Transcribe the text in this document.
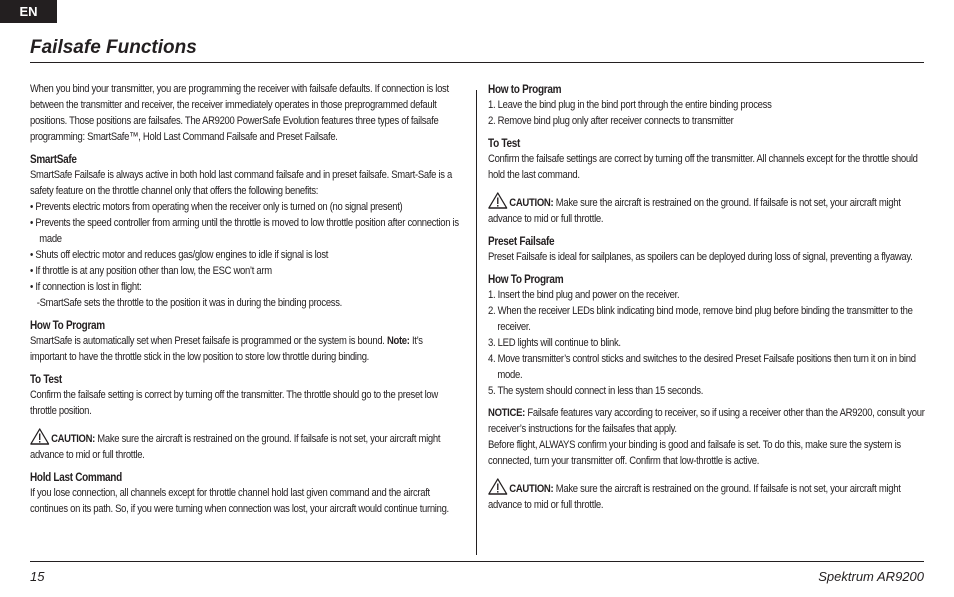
EN
Failsafe Functions

When you bind your transmitter, you are programming the receiver with failsafe defaults. If connection is lost between the transmitter and receiver, the receiver immediately operates in those preprogrammed default positions. Those positions are failsafes. The AR9200 PowerSafe Evolution features three types of failsafe programming: SmartSafe™, Hold Last Command Failsafe and Preset Failsafe.

SmartSafe

SmartSafe Failsafe is always active in both hold last command failsafe and in preset failsafe. Smart-Safe is a safety feature on the throttle channel only that offers the following benefits:

• Prevents electric motors from operating when the receiver only is turned on (no signal present)
• Prevents the speed controller from arming until the throttle is moved to low throttle position after connection is made
• Shuts off electric motor and reduces gas/glow engines to idle if signal is lost
• If throttle is at any position other than low, the ESC won’t arm
• If connection is lost in flight:
-SmartSafe sets the throttle to the position it was in during the binding process.
How To Program

SmartSafe is automatically set when Preset failsafe is programmed or the system is bound. Note: It’s important to have the throttle stick in the low position to store low throttle during binding.

To Test

Confirm the failsafe setting is correct by turning off the transmitter. The throttle should go to the preset low throttle position.

CAUTION: Make sure the aircraft is restrained on the ground. If failsafe is not set, your aircraft might advance to mid or full throttle.

Hold Last Command

If you lose connection, all channels except for throttle channel hold last given command and the aircraft continues on its path. So, if you were turning when connection was lost, your aircraft would continue turning.

How to Program
1. Leave the bind plug in the bind port through the entire binding process
2. Remove bind plug only after receiver connects to transmitter
To Test

Confirm the failsafe settings are correct by turning off the transmitter. All channels except for the throttle should hold the last command.

CAUTION: Make sure the aircraft is restrained on the ground. If failsafe is not set, your aircraft might advance to mid or full throttle.

Preset Failsafe

Preset Failsafe is ideal for sailplanes, as spoilers can be deployed during loss of signal, preventing a flyaway.

How To Program
1. Insert the bind plug and power on the receiver.
2. When the receiver LEDs blink indicating bind mode, remove bind plug before binding the transmitter to the receiver.
3. LED lights will continue to blink.
4. Move transmitter’s control sticks and switches to the desired Preset Failsafe positions then turn it on in bind mode.
5. The system should connect in less than 15 seconds.

NOTICE: Failsafe features vary according to receiver, so if using a receiver other than the AR9200, consult your receiver’s instructions for the failsafes that apply.

Before flight, ALWAYS confirm your binding is good and failsafe is set. To do this, make sure the system is connected, turn your transmitter off. Confirm that low-throttle is active.

CAUTION: Make sure the aircraft is restrained on the ground. If failsafe is not set, your aircraft might advance to mid or full throttle.

15	Spektrum AR9200
